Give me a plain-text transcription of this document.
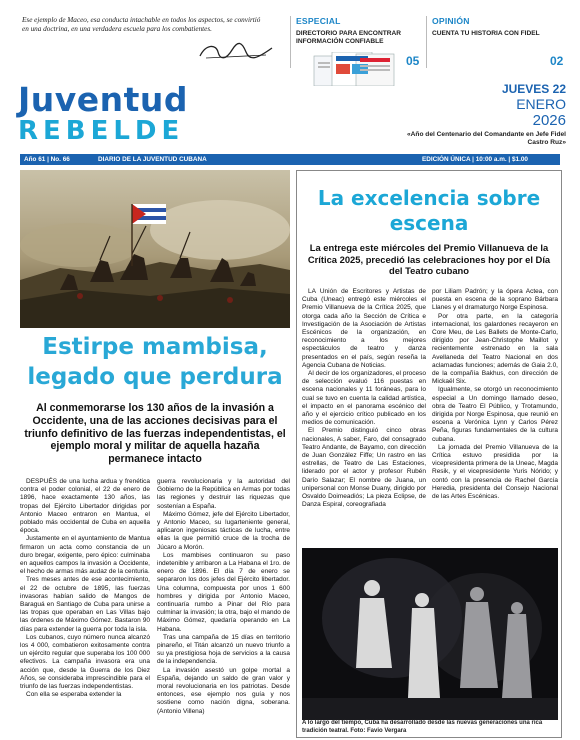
Ese ejemplo de Maceo, esa conducta intachable en todos los aspectos, se convirtió en una doctrina, en una verdadera escuela para los combatientes.
ESPECIAL
DIRECTORIO PARA ENCONTRAR INFORMACIÓN CONFIABLE
05
OPINIÓN
CUENTA TU HISTORIA CON FIDEL
02
Juventud
REBELDE
JUEVES 22
ENERO
2026
«Año del Centenario del Comandante en Jefe Fidel Castro Ruz»
Año 61 | No. 66	DIARIO DE LA JUVENTUD CUBANA	EDICIÓN ÚNICA | 10:00 a.m. | $1.00
Estirpe mambisa, legado que perdura
Al conmemorarse los 130 años de la invasión a Occidente, una de las acciones decisivas para el triunfo definitivo de las fuerzas independentistas, el ejemplo moral y militar de aquella hazaña permanece intacto

DESPUÉS de una lucha ardua y frenética contra el poder colonial, el 22 de enero de 1896, hace exactamente 130 años, las tropas del Ejército Libertador dirigidas por Antonio Maceo entraron en Mantua, el poblado más occidental de Cuba en aquella época.

Justamente en el ayuntamiento de Mantua firmaron un acta como constancia de un duro bregar, exigente, pero épico: culminaba en aquellos campos la invasión a Occidente, el hecho de armas más audaz de la centuria.

Tres meses antes de ese acontecimiento, el 22 de octubre de 1895, las fuerzas invasoras habían salido de Mangos de Baraguá en Santiago de Cuba para unirse a las tropas que operaban en Las Villas bajo las órdenes de Máximo Gómez. Bastaron 90 días para extender la guerra por toda la isla.

Los cubanos, cuyo número nunca alcanzó los 4 000, combatieron exitosamente contra un ejército regular que superaba los 100 000 efectivos. La campaña invasora era una acción que, desde la Guerra de los Diez Años, se consideraba imprescindible para el triunfo de las fuerzas independentistas.

Con ella se esperaba extender la

guerra revolucionaria y la autoridad del Gobierno de la República en Armas por todas las regiones y destruir las riquezas que sostenían a España.

Máximo Gómez, jefe del Ejército Libertador, y Antonio Maceo, su lugarteniente general, aplicaron ingeniosas tácticas de lucha, entre ellas la que permitió cruce de la trocha de Júcaro a Morón.

Los mambises continuaron su paso indetenible y arribaron a La Habana el 1ro. de enero de 1896. El día 7 de enero se separaron los dos jefes del Ejército libertador. Una columna, compuesta por unos 1 600 hombres y dirigida por Antonio Maceo, continuaría rumbo a Pinar del Río para culminar la invasión; la otra, bajo el mando de Máximo Gómez, quedaría operando en La Habana.

Tras una campaña de 15 días en territorio pinareño, el Titán alcanzó un nuevo triunfo a su ya prestigiosa hoja de servicios a la causa de la independencia.

La invasión asestó un golpe mortal a España, dejando un saldo de gran valor y moral revolucionaria en los patriotas. Desde entonces, ese ejemplo nos guía y nos sostiene como nación digna, soberana. (Antonio Villena)

La excelencia sobre escena
La entrega este miércoles del Premio Villanueva de la Crítica 2025, precedió las celebraciones hoy por el Día del Teatro cubano

LA Unión de Escritores y Artistas de Cuba (Uneac) entregó este miércoles el Premio Villanueva de la Crítica 2025, que otorga cada año la Sección de Crítica e Investigación de la Asociación de Artistas Escénicos de la organización, en reconocimiento a los mejores espectáculos de teatro y danza presentados en el país, según reseña la Agencia Cubana de Noticias.

Al decir de los organizadores, el proceso de selección evaluó 116 puestas en escena nacionales y 11 foráneas, para lo cual se tuvo en cuenta la calidad artística, el impacto en el panorama escénico del año y el ejercicio crítico publicado en los medios de comunicación.

El Premio distinguió cinco obras nacionales, A saber, Faro, del consagrado Teatro Andante, de Bayamo, con dirección de Juan González Fiffe; Un rastro en las estrellas, de Teatro de Las Estaciones, liderado por el actor y profesor Rubén Darío Salazar; El nombre de Juana, un unipersonal con Monse Duany, dirigido por Osvaldo Doimeadiós; La pieza Eclipse, de Danza Espiral, coreografiada

por Liliam Padrón; y la ópera Actea, con puesta en escena de la soprano Bárbara Llanes y el dramaturgo Norge Espinosa.

Por otra parte, en la categoría internacional, los galardones recayeron en Core Meu, de Les Ballets de Monte-Carlo, dirigido por Jean-Christophe Maillot y recientemente estrenado en la sala Avellaneda del Teatro Nacional en dos aclamadas funciones; además de Gaia 2.0, de la compañía Bakhus, con dirección de Mickaël Six.

Igualmente, se otorgó un reconocimiento especial a Un domingo llamado deseo, obra de Teatro El Público, y Trotamundo, dirigida por Norge Espinosa, que reunió en escena a Verónica Lynn y Carlos Pérez Peña, figuras fundamentales de la cultura cubana.

La jornada del Premio Villanueva de la Crítica estuvo presidida por la vicepresidenta primera de la Uneac, Magda Resik, y el vicepresidente Yuris Nórido; y contó con la presencia de Rachel García Heredia, presidenta del Consejo Nacional de las Artes Escénicas.

A lo largo del tiempo, Cuba ha desarrollado desde las nuevas generaciones una rica tradición teatral. Foto: Favio Vergara
